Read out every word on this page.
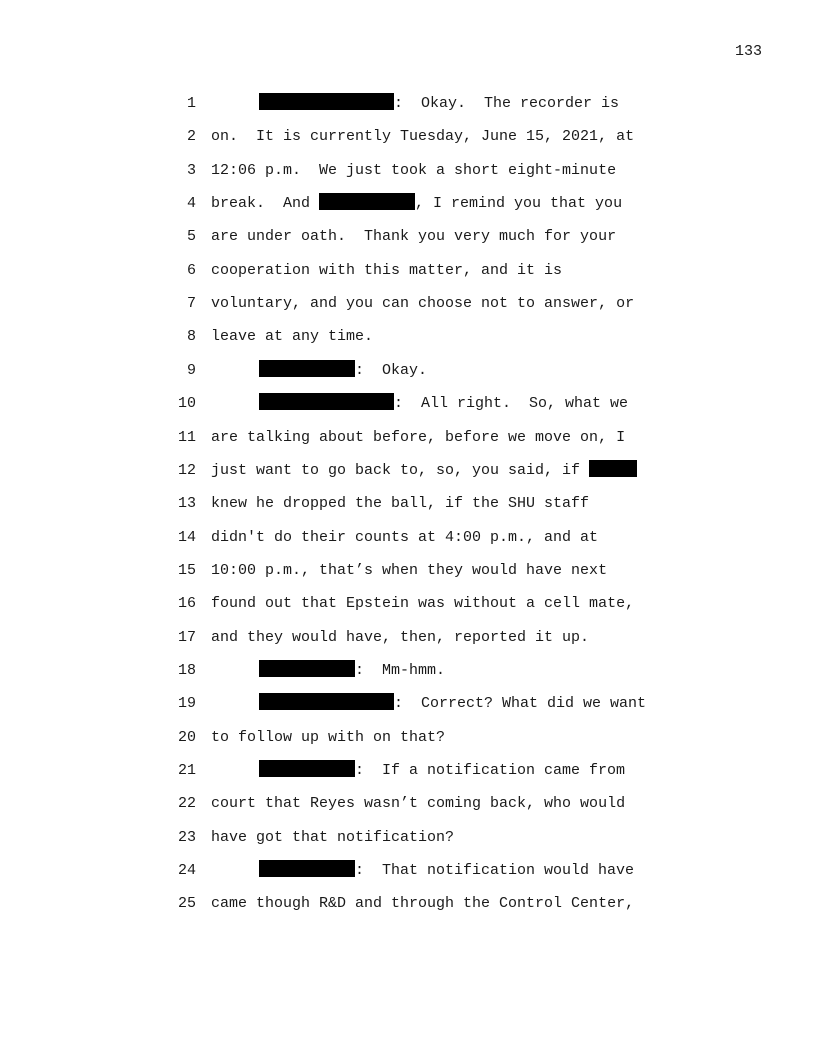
133
1	:  Okay.  The recorder is
2 on.  It is currently Tuesday, June 15, 2021, at
3 12:06 p.m.  We just took a short eight-minute
4 break.  And	, I remind you that you
5 are under oath.  Thank you very much for your
6 cooperation with this matter, and it is
7 voluntary, and you can choose not to answer, or
8 leave at any time.
9	:  Okay.
10	:  All right.  So, what we
11 are talking about before, before we move on, I
12 just want to go back to, so, you said, if
13 knew he dropped the ball, if the SHU staff
14 didn't do their counts at 4:00 p.m., and at
15 10:00 p.m., that’s when they would have next
16 found out that Epstein was without a cell mate,
17 and they would have, then, reported it up.
18	:  Mm-hmm.
19	:  Correct? What did we want
20 to follow up with on that?
21	:  If a notification came from
22 court that Reyes wasn’t coming back, who would
23 have got that notification?
24	:  That notification would have
25 came though R&D and through the Control Center,
